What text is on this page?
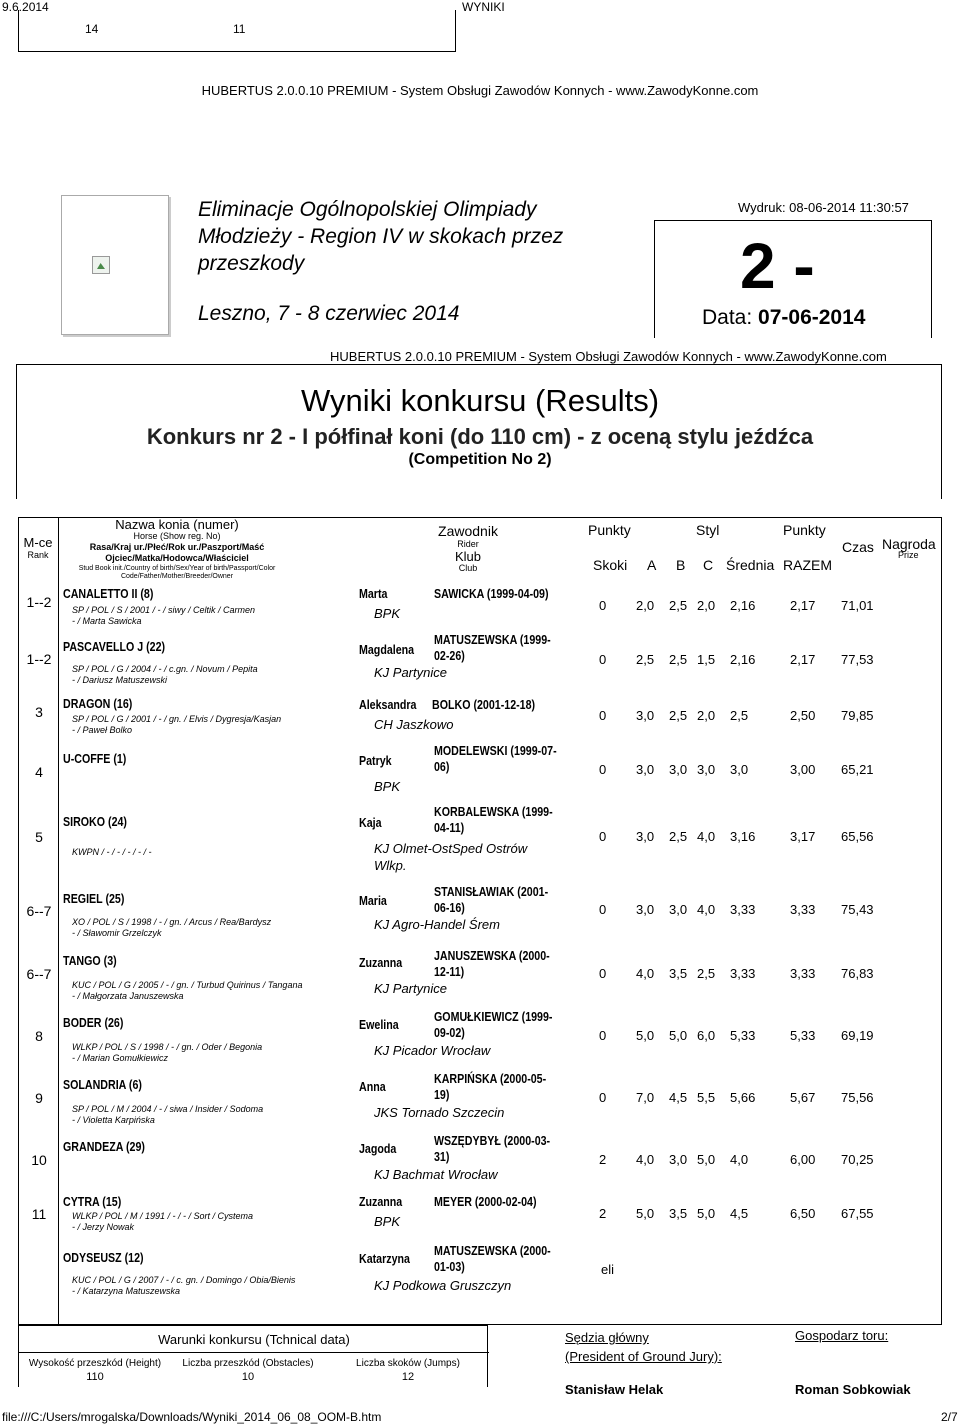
9.6.2014	WYNIKI
14	11
HUBERTUS 2.0.0.10 PREMIUM - System Obsługi Zawodów Konnych - www.ZawodyKonne.com
Eliminacje Ogólnopolskiej Olimpiady
Młodzieży - Region IV w skokach przez
przeszkody
Leszno, 7 - 8 czerwiec 2014
Wydruk: 08-06-2014 11:30:57
2 -
Data: 07-06-2014
HUBERTUS 2.0.0.10 PREMIUM - System Obsługi Zawodów Konnych - www.ZawodyKonne.com
Wyniki konkursu (Results)
Konkurs nr 2 - I półfinał koni (do 110 cm) - z oceną stylu jeźdźca
(Competition No 2)
M-ce
Rank
Nazwa konia (numer)
Horse (Show reg. No)
Rasa/Kraj ur./Płeć/Rok ur./Paszport/Maść
Ojciec/Matka/Hodowca/Właściciel
Stud Book init./Country of birth/Sex/Year of birth/Passport/Color
Code/Father/Mother/Breeder/Owner
Zawodnik
Rider
Klub
Club
Punkty	Styl	Punkty
Skoki A B C Średnia RAZEM
Czas Nagroda
Prize
1--2
CANALETTO II (8)
SP / POL / S / 2001 / - / siwy / Celtik / Carmen
- / Marta Sawicka
Marta	SAWICKA (1999-04-09)
BPK
0 2,0 2,5 2,0 2,16	2,17 71,01
1--2
PASCAVELLO J (22)
SP / POL / G / 2004 / - / c.gn. / Novum / Pepita
- / Dariusz Matuszewski
Magdalena
MATUSZEWSKA (1999-02-26)
KJ Partynice
0 2,5 2,5 1,5 2,16	2,17 77,53
3
DRAGON (16)
SP / POL / G / 2001 / - / gn. / Elvis / Dygresja/Kasjan
- / Paweł Bolko
Aleksandra BOLKO (2001-12-18)
CH Jaszkowo
0 3,0 2,5 2,0 2,5	2,50 79,85
4
U-COFFE (1)	Patryk
MODELEWSKI (1999-07-06)
BPK
0 3,0 3,0 3,0 3,0	3,00 65,21
5
SIROKO (24)
KWPN / - / - / - / - / -
Kaja
KORBALEWSKA (1999-04-11)
KJ Olmet-OstSped Ostrów Wlkp.
0 3,0 2,5 4,0 3,16	3,17 65,56
6--7
REGIEL (25)
XO / POL / S / 1998 / - / gn. / Arcus / Rea/Bardysz
- / Sławomir Grzelczyk
Maria
STANISŁAWIAK (2001-06-16)
KJ Agro-Handel Śrem
0 3,0 3,0 4,0 3,33	3,33 75,43
6--7
TANGO (3)
KUC / POL / G / 2005 / - / gn. / Turbud Quirinus / Tangana
- / Małgorzata Januszewska
Zuzanna JANUSZEWSKA (2000-12-11)
KJ Partynice
0 4,0 3,5 2,5 3,33	3,33 76,83
8
BODER (26)
WLKP / POL / S / 1998 / - / gn. / Oder / Begonia
- / Marian Gomułkiewicz
Ewelina
GOMUŁKIEWICZ (1999-09-02)
KJ Picador Wrocław
0 5,0 5,0 6,0 5,33	5,33 69,19
9
SOLANDRIA (6)
SP / POL / M / 2004 / - / siwa / Insider / Sodoma
- / Violetta Karpińska
Anna
KARPIŃSKA (2000-05-19)
JKS Tornado Szczecin
0 7,0 4,5 5,5 5,66	5,67 75,56
10
GRANDEZA (29)	Jagoda
WSZĘDYBYŁ (2000-03-31)
KJ Bachmat Wrocław
2 4,0 3,0 5,0 4,0	6,00 70,25
11
CYTRA (15)
WLKP / POL / M / 1991 / - / - / Sort / Cystema
- / Jerzy Nowak
Zuzanna MEYER (2000-02-04)
BPK
2 5,0 3,5 5,0 4,5	6,50 67,55
ODYSEUSZ (12)
KUC / POL / G / 2007 / - / c. gn. / Domingo / Obia/Bienis
- / Katarzyna Matuszewska
Katarzyna
MATUSZEWSKA (2000-01-03)
KJ Podkowa Gruszczyn
eli
Warunki konkursu (Tchnical data)
Wysokość przeszkód (Height)	Liczba przeszkód (Obstacles)	Liczba skoków (Jumps)
110	10	12
Sędzia główny
(President of Ground Jury):
Stanisław Helak
Gospodarz toru:
Roman Sobkowiak
file:///C:/Users/mrogalska/Downloads/Wyniki_2014_06_08_OOM-B.htm	2/7
